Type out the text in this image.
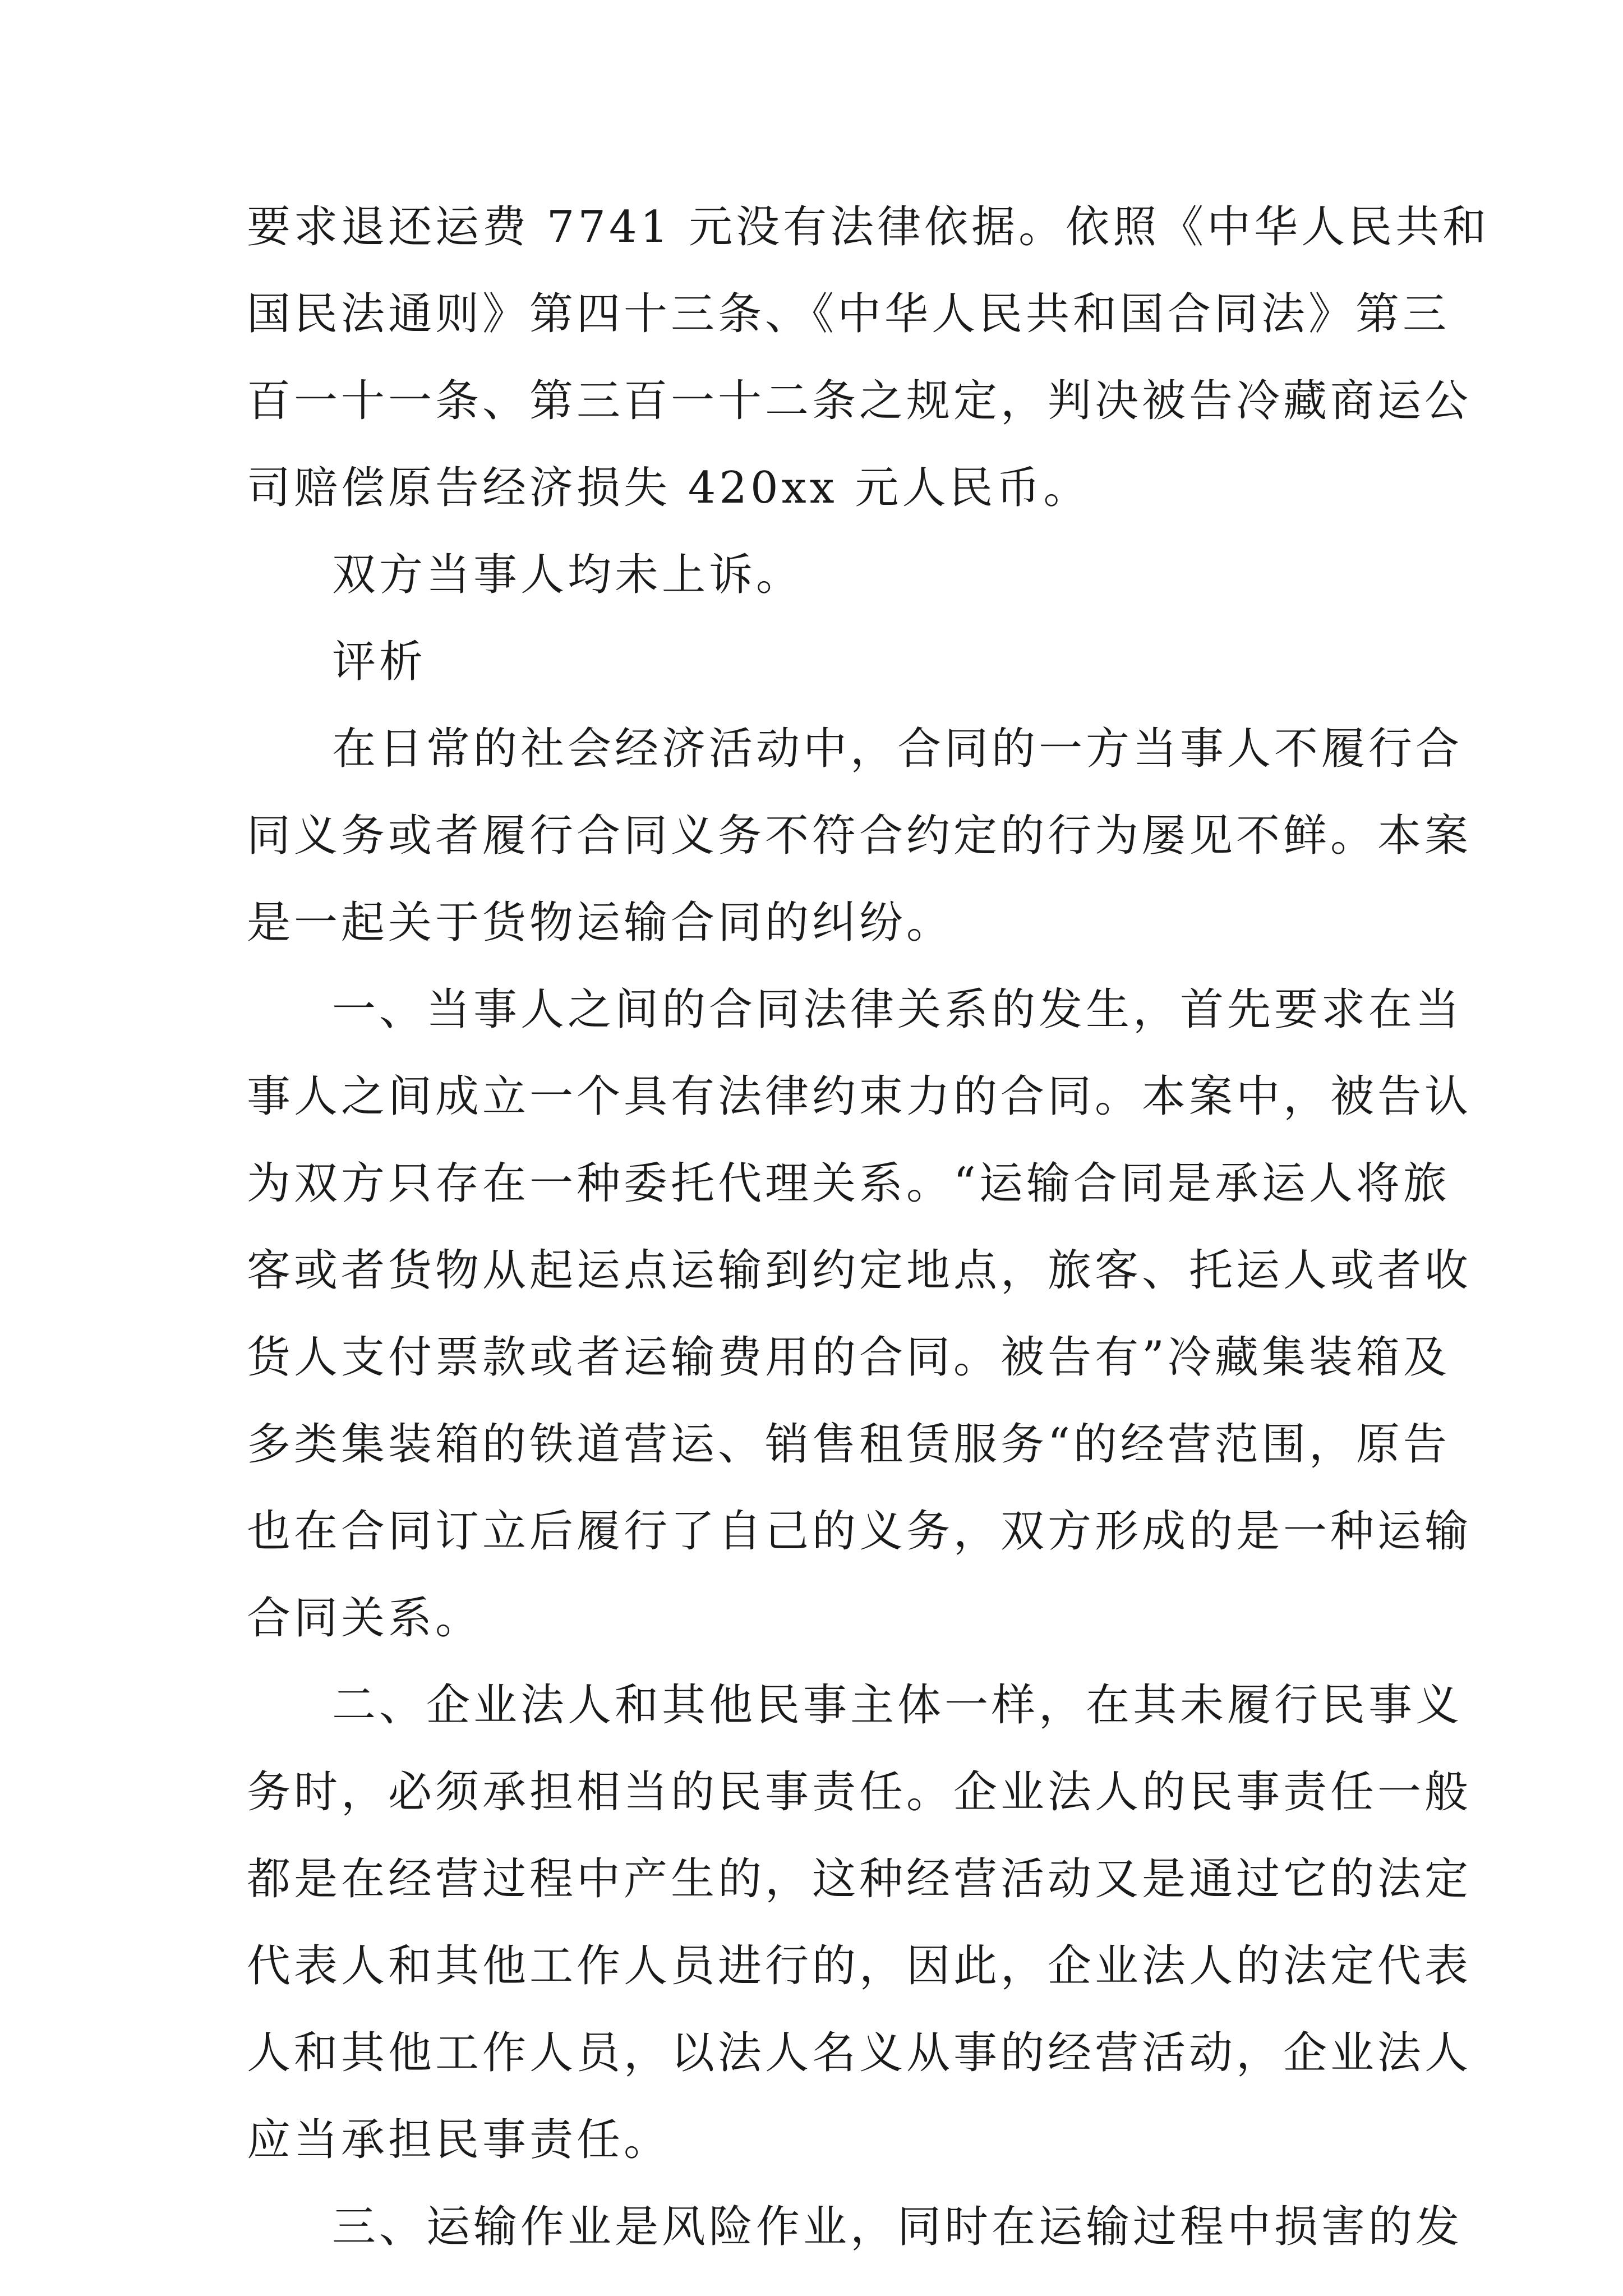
要求退还运费 7741 元没有法律依据。依照《中华人民共和
国民法通则》第四十三条、《中华人民共和国合同法》第三
百一十一条、第三百一十二条之规定，判决被告冷藏商运公
司赔偿原告经济损失 420xx 元人民币。
双方当事人均未上诉。
评析
在日常的社会经济活动中，合同的一方当事人不履行合
同义务或者履行合同义务不符合约定的行为屡见不鲜。本案
是一起关于货物运输合同的纠纷。
一、当事人之间的合同法律关系的发生，首先要求在当
事人之间成立一个具有法律约束力的合同。本案中，被告认
为双方只存在一种委托代理关系。“运输合同是承运人将旅
客或者货物从起运点运输到约定地点，旅客、托运人或者收
货人支付票款或者运输费用的合同。被告有”冷藏集装箱及
多类集装箱的铁道营运、销售租赁服务“的经营范围，原告
也在合同订立后履行了自己的义务，双方形成的是一种运输
合同关系。
二、企业法人和其他民事主体一样，在其未履行民事义
务时，必须承担相当的民事责任。企业法人的民事责任一般
都是在经营过程中产生的，这种经营活动又是通过它的法定
代表人和其他工作人员进行的，因此，企业法人的法定代表
人和其他工作人员，以法人名义从事的经营活动，企业法人
应当承担民事责任。
三、运输作业是风险作业，同时在运输过程中损害的发
